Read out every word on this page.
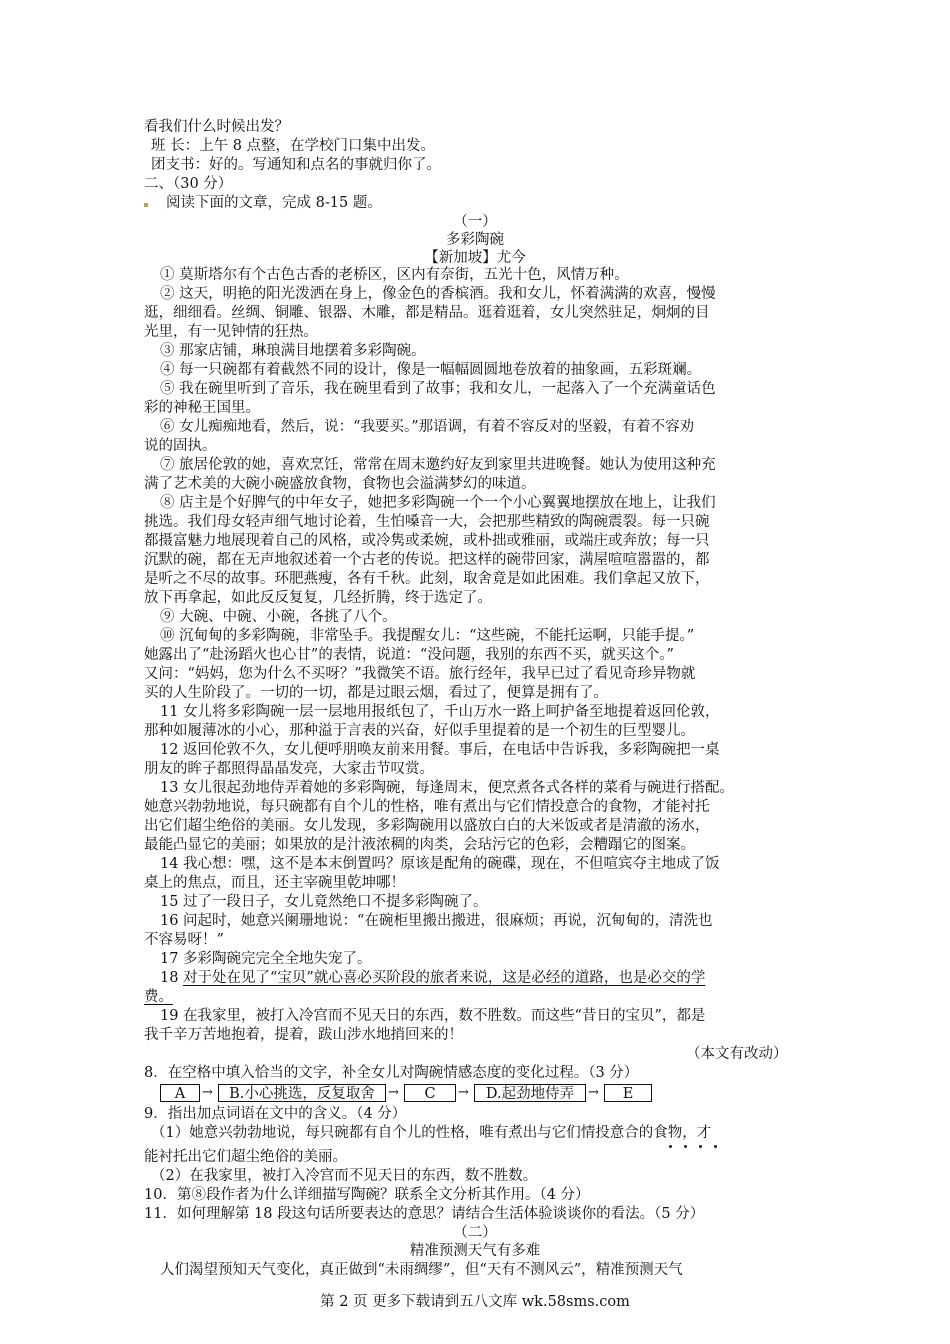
看我们什么时候出发？
班 长：上午 8 点整，在学校门口集中出发。
团支书：好的。写通知和点名的事就归你了。
二、（30 分）
阅读下面的文章，完成 8-15 题。
（一）
多彩陶碗
【新加坡】尤今
① 莫斯塔尔有个古色古香的老桥区，区内有奈街，五光十色，风情万种。
② 这天，明艳的阳光泼洒在身上，像金色的香槟酒。我和女儿，怀着满满的欢喜，慢慢
逛，细细看。丝绸、铜雕、银器、木雕，都是精品。逛着逛着，女儿突然驻足，炯炯的目
光里，有一见钟情的狂热。
③ 那家店铺，琳琅满目地摆着多彩陶碗。
④ 每一只碗都有着截然不同的设计，像是一幅幅圆圆地卷放着的抽象画，五彩斑斓。
⑤ 我在碗里听到了音乐，我在碗里看到了故事；我和女儿，一起落入了一个充满童话色
彩的神秘王国里。
⑥ 女儿痴痴地看，然后，说：“我要买。”那语调，有着不容反对的坚毅，有着不容劝
说的固执。
⑦ 旅居伦敦的她，喜欢烹饪，常常在周末邀约好友到家里共进晚餐。她认为使用这种充
满了艺术美的大碗小碗盛放食物，食物也会溢满梦幻的味道。
⑧ 店主是个好脾气的中年女子，她把多彩陶碗一个一个小心翼翼地摆放在地上，让我们
挑选。我们母女轻声细气地讨论着，生怕嗓音一大，会把那些精致的陶碗震裂。每一只碗
都摄富魅力地展现着自己的风格，或冷隽或柔婉，或朴拙或雅丽，或端庄或奔放；每一只
沉默的碗，都在无声地叙述着一个古老的传说。把这样的碗带回家，满屋喧喧嚣嚣的，都
是听之不尽的故事。环肥燕瘦，各有千秋。此刻，取舍竟是如此困难。我们拿起又放下，
放下再拿起，如此反反复复，几经折腾，终于选定了。
⑨ 大碗、中碗、小碗，各挑了八个。
⑩ 沉甸甸的多彩陶碗，非常坠手。我提醒女儿：“这些碗，不能托运啊，只能手提。”
她露出了“赴汤蹈火也心甘”的表情，说道：“没问题，我别的东西不买，就买这个。”
又问：“妈妈，您为什么不买呀？”我微笑不语。旅行经年，我早已过了看见奇珍异物就
买的人生阶段了。一切的一切，都是过眼云烟，看过了，便算是拥有了。
11 女儿将多彩陶碗一层一层地用报纸包了，千山万水一路上呵护备至地提着返回伦敦，
那种如履薄冰的小心，那种溢于言表的兴奋，好似手里提着的是一个初生的巨型婴儿。
12 返回伦敦不久，女儿便呼朋唤友前来用餐。事后，在电话中告诉我，多彩陶碗把一桌
朋友的眸子都照得晶晶发亮，大家击节叹赏。
13 女儿很起劲地侍弄着她的多彩陶碗，每逢周末，便烹煮各式各样的菜肴与碗进行搭配。
她意兴勃勃地说，每只碗都有自个儿的性格，唯有煮出与它们情投意合的食物，才能衬托
出它们超尘绝俗的美丽。女儿发现，多彩陶碗用以盛放白白的大米饭或者是清澈的汤水，
最能凸显它的美丽；如果放的是汁液浓稠的肉类，会玷污它的色彩，会糟蹋它的图案。
14 我心想：嘿，这不是本末倒置吗？原该是配角的碗碟，现在，不但喧宾夺主地成了饭
桌上的焦点，而且，还主宰碗里乾坤哪！
15 过了一段日子，女儿竟然绝口不提多彩陶碗了。
16 问起时，她意兴阑珊地说：“在碗柜里搬出搬进，很麻烦；再说，沉甸甸的，清洗也
不容易呀！”
17 多彩陶碗完完全全地失宠了。
18 对于处在见了“宝贝”就心喜必买阶段的旅者来说，这是必经的道路，也是必交的学
费。
19 在我家里，被打入冷宫而不见天日的东西，数不胜数。而这些“昔日的宝贝”，都是
我千辛万苦地抱着，提着，跋山涉水地捎回来的！
（本文有改动）
8．在空格中填入恰当的文字，补全女儿对陶碗情感态度的变化过程。（3 分）
A	→	B.小心挑选，反复取舍	→	C	→	D.起劲地侍弄	→	E
9．指出加点词语在文中的含义。（4 分）
（1）她意兴勃勃地说，每只碗都有自个儿的性格，唯有煮出与它们情投意合的食物，才
能衬托出它们超尘绝俗的美丽。
（2）在我家里，被打入冷宫而不见天日的东西，数不胜数。
10．第⑧段作者为什么详细描写陶碗？联系全文分析其作用。（4 分）
11．如何理解第 18 段这句话所要表达的意思？请结合生活体验谈谈你的看法。（5 分）
（二）
精准预测天气有多难
人们渴望预知天气变化，真正做到“未雨绸缪”，但“天有不测风云”，精准预测天气
第 2 页 更多下载请到五八文库 wk.58sms.com
